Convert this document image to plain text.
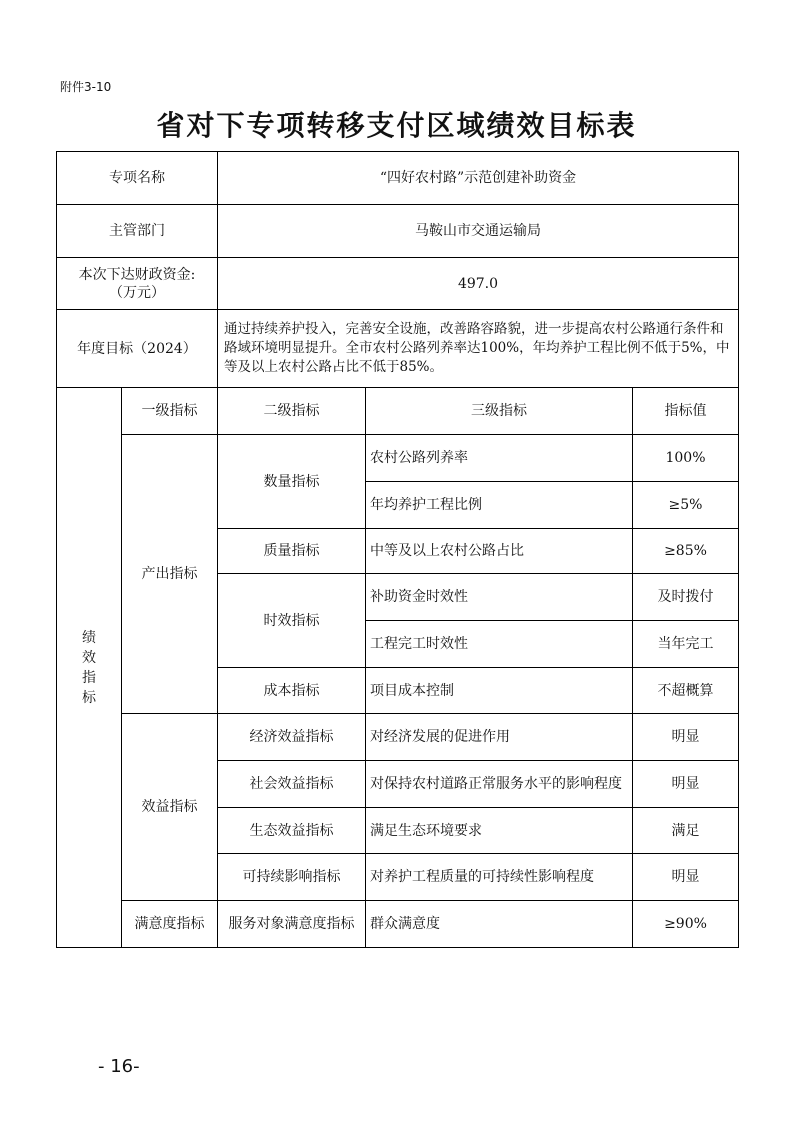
附件3-10
省对下专项转移支付区域绩效目标表
专项名称		“四好农村路”示范创建补助资金		
主管部门		马鞍山市交通运输局		

本次下达财政资金:
（万元）		497.0		
年度目标（2024）		通过持续养护投入，完善安全设施，改善路容路貌，进一步提高农村公路通行条件和路域环境明显提升。全市农村公路列养率达100%，年均养护工程比例不低于5%，中等及以上农村公路占比不低于85%。		
绩效指标	一级指标	二级指标	三级指标	指标值
	产出指标	数量指标	农村公路列养率	100%
			年均养护工程比例	≥5%
		质量指标	中等及以上农村公路占比	≥85%
		时效指标	补助资金时效性	及时拨付
			工程完工时效性	当年完工
		成本指标	项目成本控制	不超概算
	效益指标	经济效益指标	对经济发展的促进作用	明显
		社会效益指标	对保持农村道路正常服务水平的影响程度	明显
		生态效益指标	满足生态环境要求	满足
		可持续影响指标	对养护工程质量的可持续性影响程度	明显
	满意度指标	服务对象满意度指标	群众满意度	≥90%
- 16-
